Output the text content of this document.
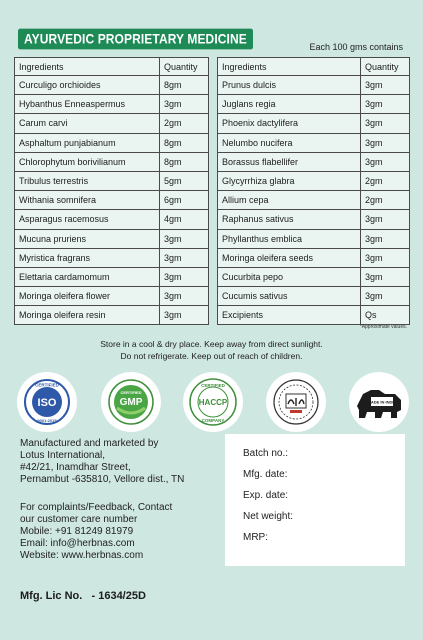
AYURVEDIC PROPRIETARY MEDICINE	Each 100 gms contains
Ingredients	Quantity
Curculigo orchioides	8gm
Hybanthus Enneaspermus	3gm
Carum carvi	2gm
Asphaltum punjabianum	8gm
Chlorophytum borivilianum	8gm
Tribulus terrestris	5gm
Withania somnifera	6gm
Asparagus racemosus	4gm
Mucuna pruriens	3gm
Myristica fragrans	3gm
Elettaria cardamomum	3gm
Moringa oleifera flower	3gm
Moringa oleifera resin	3gm
Ingredients	Quantity
Prunus dulcis	3gm
Juglans regia	3gm
Phoenix dactylifera	3gm
Nelumbo nucifera	3gm
Borassus flabellifer	3gm
Glycyrrhiza glabra	2gm
Allium cepa	2gm
Raphanus sativus	3gm
Phyllanthus emblica	3gm
Moringa oleifera seeds	3gm
Cucurbita pepo	3gm
Cucumis sativus	3gm
Excipients	Qs
*Approximate values.
Store in a cool & dry place. Keep away from direct sunlight.
Do not refrigerate. Keep out of reach of children.
CERTIFIED
ISO
9001:2015
GMP
CERTIFIED
CERTIFIED
HACCP
COMPANY
MADE IN INDIA
Manufactured and marketed by
Lotus International,
#42/21, Inamdhar Street,
Pernambut -635810, Vellore dist., TN
For complaints/Feedback, Contact
our customer care number
Mobile: +91 81249 81979
Email: info@herbnas.com
Website: www.herbnas.com
Batch no.:
Mfg. date:
Exp. date:
Net weight:
MRP:
Mfg. Lic No.   - 1634/25D
